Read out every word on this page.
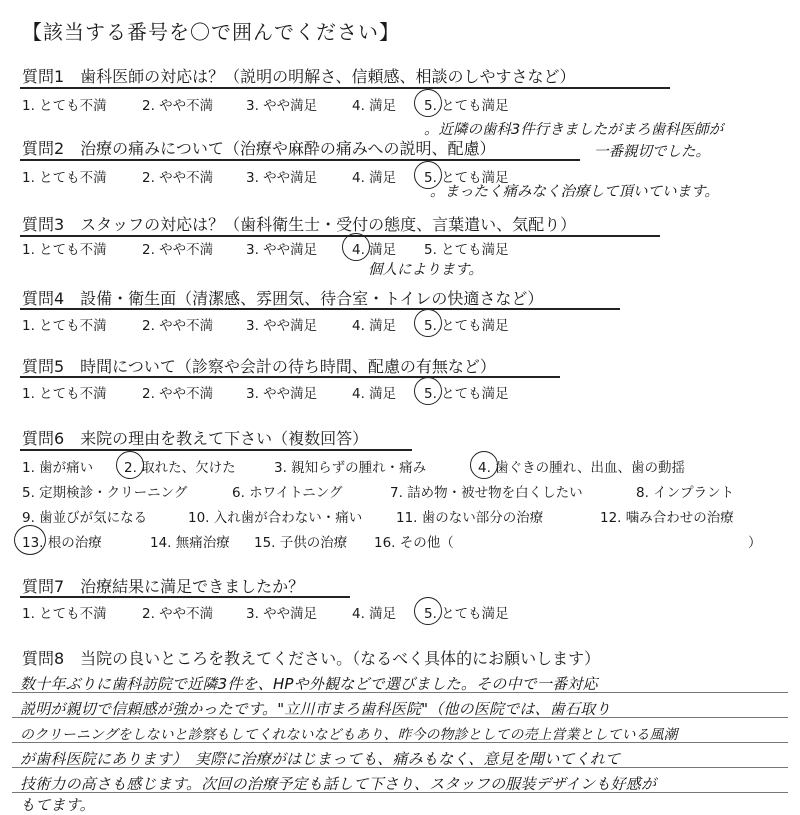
【該当する番号を〇で囲んでください】
質問1　歯科医師の対応は？（説明の明解さ、信頼感、相談のしやすさなど）
1. とても不満	2. やや不満 3. やや満足	4. 満足 5. とても満足
。近隣の歯科3件行きましたがまろ歯科医師が
一番親切でした。
質問2　治療の痛みについて（治療や麻酔の痛みへの説明、配慮）
1. とても不満	2. やや不満 3. やや満足	4. 満足 5. とても満足
。まったく痛みなく治療して頂いています。
質問3　スタッフの対応は？（歯科衛生士・受付の態度、言葉遣い、気配り）
1. とても不満	2. やや不満 3. やや満足	4. 満足 5. とても満足
個人によります。
質問4　設備・衛生面（清潔感、雰囲気、待合室・トイレの快適さなど）
1. とても不満	2. やや不満 3. やや満足	4. 満足 5. とても満足
質問5　時間について（診察や会計の待ち時間、配慮の有無など）
1. とても不満	2. やや不満 3. やや満足	4. 満足 5. とても満足
質問6　来院の理由を教えて下さい（複数回答）
1. 歯が痛い 2. 取れた、欠けた	3. 親知らずの腫れ・痛み	4. 歯ぐきの腫れ、出血、歯の動揺
5. 定期検診・クリーニング	6. ホワイトニング	7. 詰め物・被せ物を白くしたい	8. インプラント
9. 歯並びが気になる	10. 入れ歯が合わない・痛い 11. 歯のない部分の治療	12. 噛み合わせの治療
13. 根の治療	14. 無痛治療 15. 子供の治療 16. その他（	）
質問7　治療結果に満足できましたか？
1. とても不満	2. やや不満 3. やや満足	4. 満足 5. とても満足
質問8　当院の良いところを教えてください。（なるべく具体的にお願いします）
数十年ぶりに歯科訪院で近隣3件を、HPや外観などで選びました。その中で一番対応
説明が親切で信頼感が強かったです。"立川市まろ歯科医院"（他の医院では、歯石取り
のクリーニングをしないと診察もしてくれないなどもあり、昨今の物診としての売上営業としている風潮
が歯科医院にあります）　実際に治療がはじまっても、痛みもなく、意見を聞いてくれて
技術力の高さも感じます。次回の治療予定も話して下さり、スタッフの服装デザインも好感が
もてます。
